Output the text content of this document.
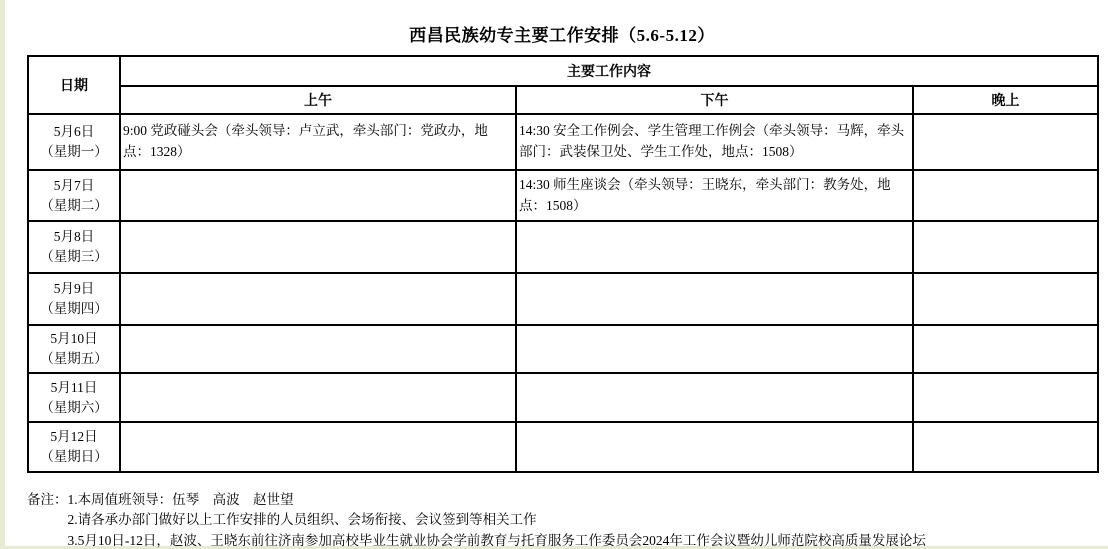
西昌民族幼专主要工作安排（5.6-5.12）
日期	主要工作内容		
	上午	下午	晚上

5月6日
（星期一）	9:00 党政碰头会（牵头领导：卢立武，牵头部门：党政办，地点：1328）	14:30 安全工作例会、学生管理工作例会（牵头领导：马辉，牵头部门：武装保卫处、学生工作处，地点：1508）	

5月7日
（星期二）		14:30 师生座谈会（牵头领导：王晓东，牵头部门：教务处，地点：1508）	

5月8日
（星期三）			

5月9日
（星期四）			

5月10日
（星期五）			

5月11日
（星期六）			

5月12日
（星期日）			

备注： 1.本周值班领导：伍琴　高波　赵世望
2.请各承办部门做好以上工作安排的人员组织、会场衔接、会议签到等相关工作
3.5月10日-12日，赵波、王晓东前往济南参加高校毕业生就业协会学前教育与托育服务工作委员会2024年工作会议暨幼儿师范院校高质量发展论坛
